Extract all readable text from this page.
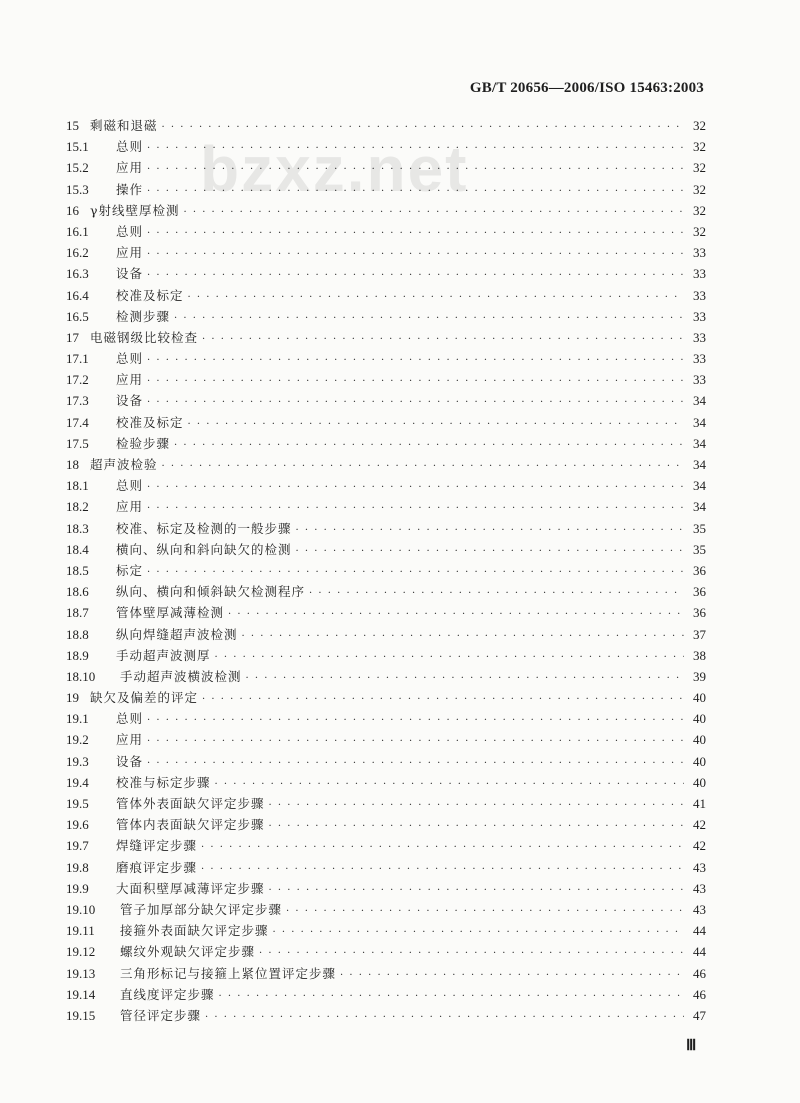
GB/T 20656—2006/ISO 15463:2003
bzxz.net
15 剩磁和退磁 · · ·	32
15.1	总则 · · ·	32
15.2	应用 · · ·	32
15.3	操作 · · ·	32
16 γ射线壁厚检测 · · ·	32
16.1	总则 · · ·	32
16.2	应用 · · ·	33
16.3	设备 · · ·	33
16.4	校准及标定 · · ·	33
16.5	检测步骤 · · ·	33
17 电磁钢级比较检查 · · ·	33
17.1	总则 · · ·	33
17.2	应用 · · ·	33
17.3	设备 · · ·	34
17.4	校准及标定 · · ·	34
17.5	检验步骤 · · ·	34
18 超声波检验 · · ·	34
18.1	总则 · · ·	34
18.2	应用 · · ·	34
18.3	校准、标定及检测的一般步骤 · · ·	35
18.4	横向、纵向和斜向缺欠的检测 · · ·	35
18.5	标定 · · ·	36
18.6	纵向、横向和倾斜缺欠检测程序 · · ·	36
18.7	管体壁厚减薄检测 · · ·	36
18.8	纵向焊缝超声波检测 · · ·	37
18.9	手动超声波测厚 · · ·	38
18.10	手动超声波横波检测 · · ·	39
19 缺欠及偏差的评定 · · ·	40
19.1	总则 · · ·	40
19.2	应用 · · ·	40
19.3	设备 · · ·	40
19.4	校准与标定步骤 · · ·	40
19.5	管体外表面缺欠评定步骤 · · ·	41
19.6	管体内表面缺欠评定步骤 · · ·	42
19.7	焊缝评定步骤 · · ·	42
19.8	磨痕评定步骤 · · ·	43
19.9	大面积壁厚减薄评定步骤 · · ·	43
19.10	管子加厚部分缺欠评定步骤 · · ·	43
19.11	接箍外表面缺欠评定步骤 · · ·	44
19.12	螺纹外观缺欠评定步骤 · · ·	44
19.13	三角形标记与接箍上紧位置评定步骤 · · ·	46
19.14	直线度评定步骤 · · ·	46
19.15	管径评定步骤 · · ·	47
Ⅲ
